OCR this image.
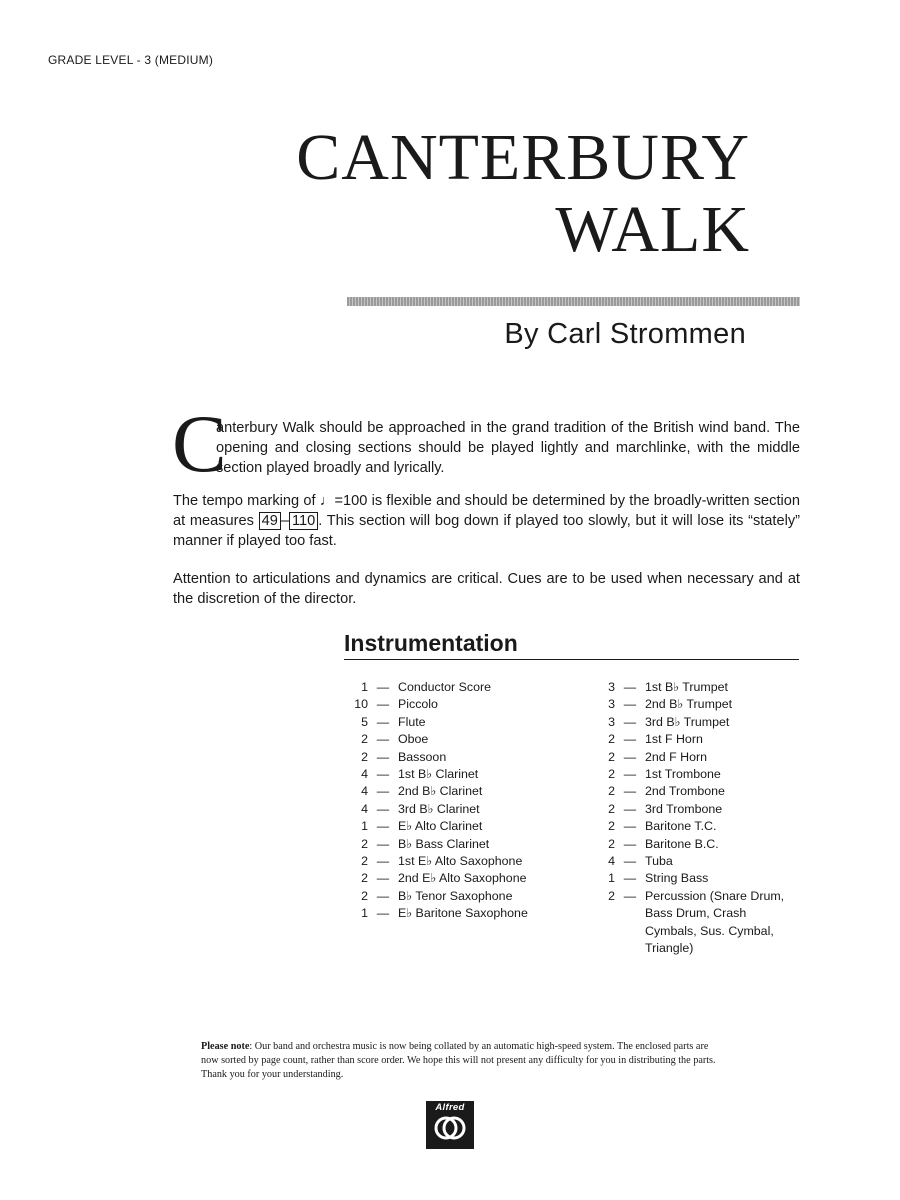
GRADE LEVEL - 3 (MEDIUM)
CANTERBURY
WALK
By Carl Strommen
C
anterbury Walk should be approached in the grand tradition of the British wind band. The opening and closing sections should be played lightly and marchlinke, with the middle section played broadly and lyrically.
The tempo marking of ♩=100 is flexible and should be determined by the broadly-written section at measures 49 – 110 . This section will bog down if played too slowly, but it will lose its “stately” manner if played too fast.
Attention to articulations and dynamics are critical. Cues are to be used when necessary and at the discretion of the director.
Instrumentation
1 — Conductor Score
10 — Piccolo
5 — Flute
2 — Oboe
2 — Bassoon
4 — 1st B♭ Clarinet
4 — 2nd B♭ Clarinet
4 — 3rd B♭ Clarinet
1 — E♭ Alto Clarinet
2 — B♭ Bass Clarinet
2 — 1st E♭ Alto Saxophone
2 — 2nd E♭ Alto Saxophone
2 — B♭ Tenor Saxophone
1 — E♭ Baritone Saxophone
3 — 1st B♭ Trumpet
3 — 2nd B♭ Trumpet
3 — 3rd B♭ Trumpet
2 — 1st F Horn
2 — 2nd F Horn
2 — 1st Trombone
2 — 2nd Trombone
2 — 3rd Trombone
2 — Baritone T.C.
2 — Baritone B.C.
4 — Tuba
1 — String Bass
2 — Percussion (Snare Drum, Bass Drum, Crash Cymbals, Sus. Cymbal, Triangle)
Please note: Our band and orchestra music is now being collated by an automatic high-speed system. The enclosed parts are now sorted by page count, rather than score order. We hope this will not present any difficulty for you in distributing the parts. Thank you for your understanding.
Alfred
